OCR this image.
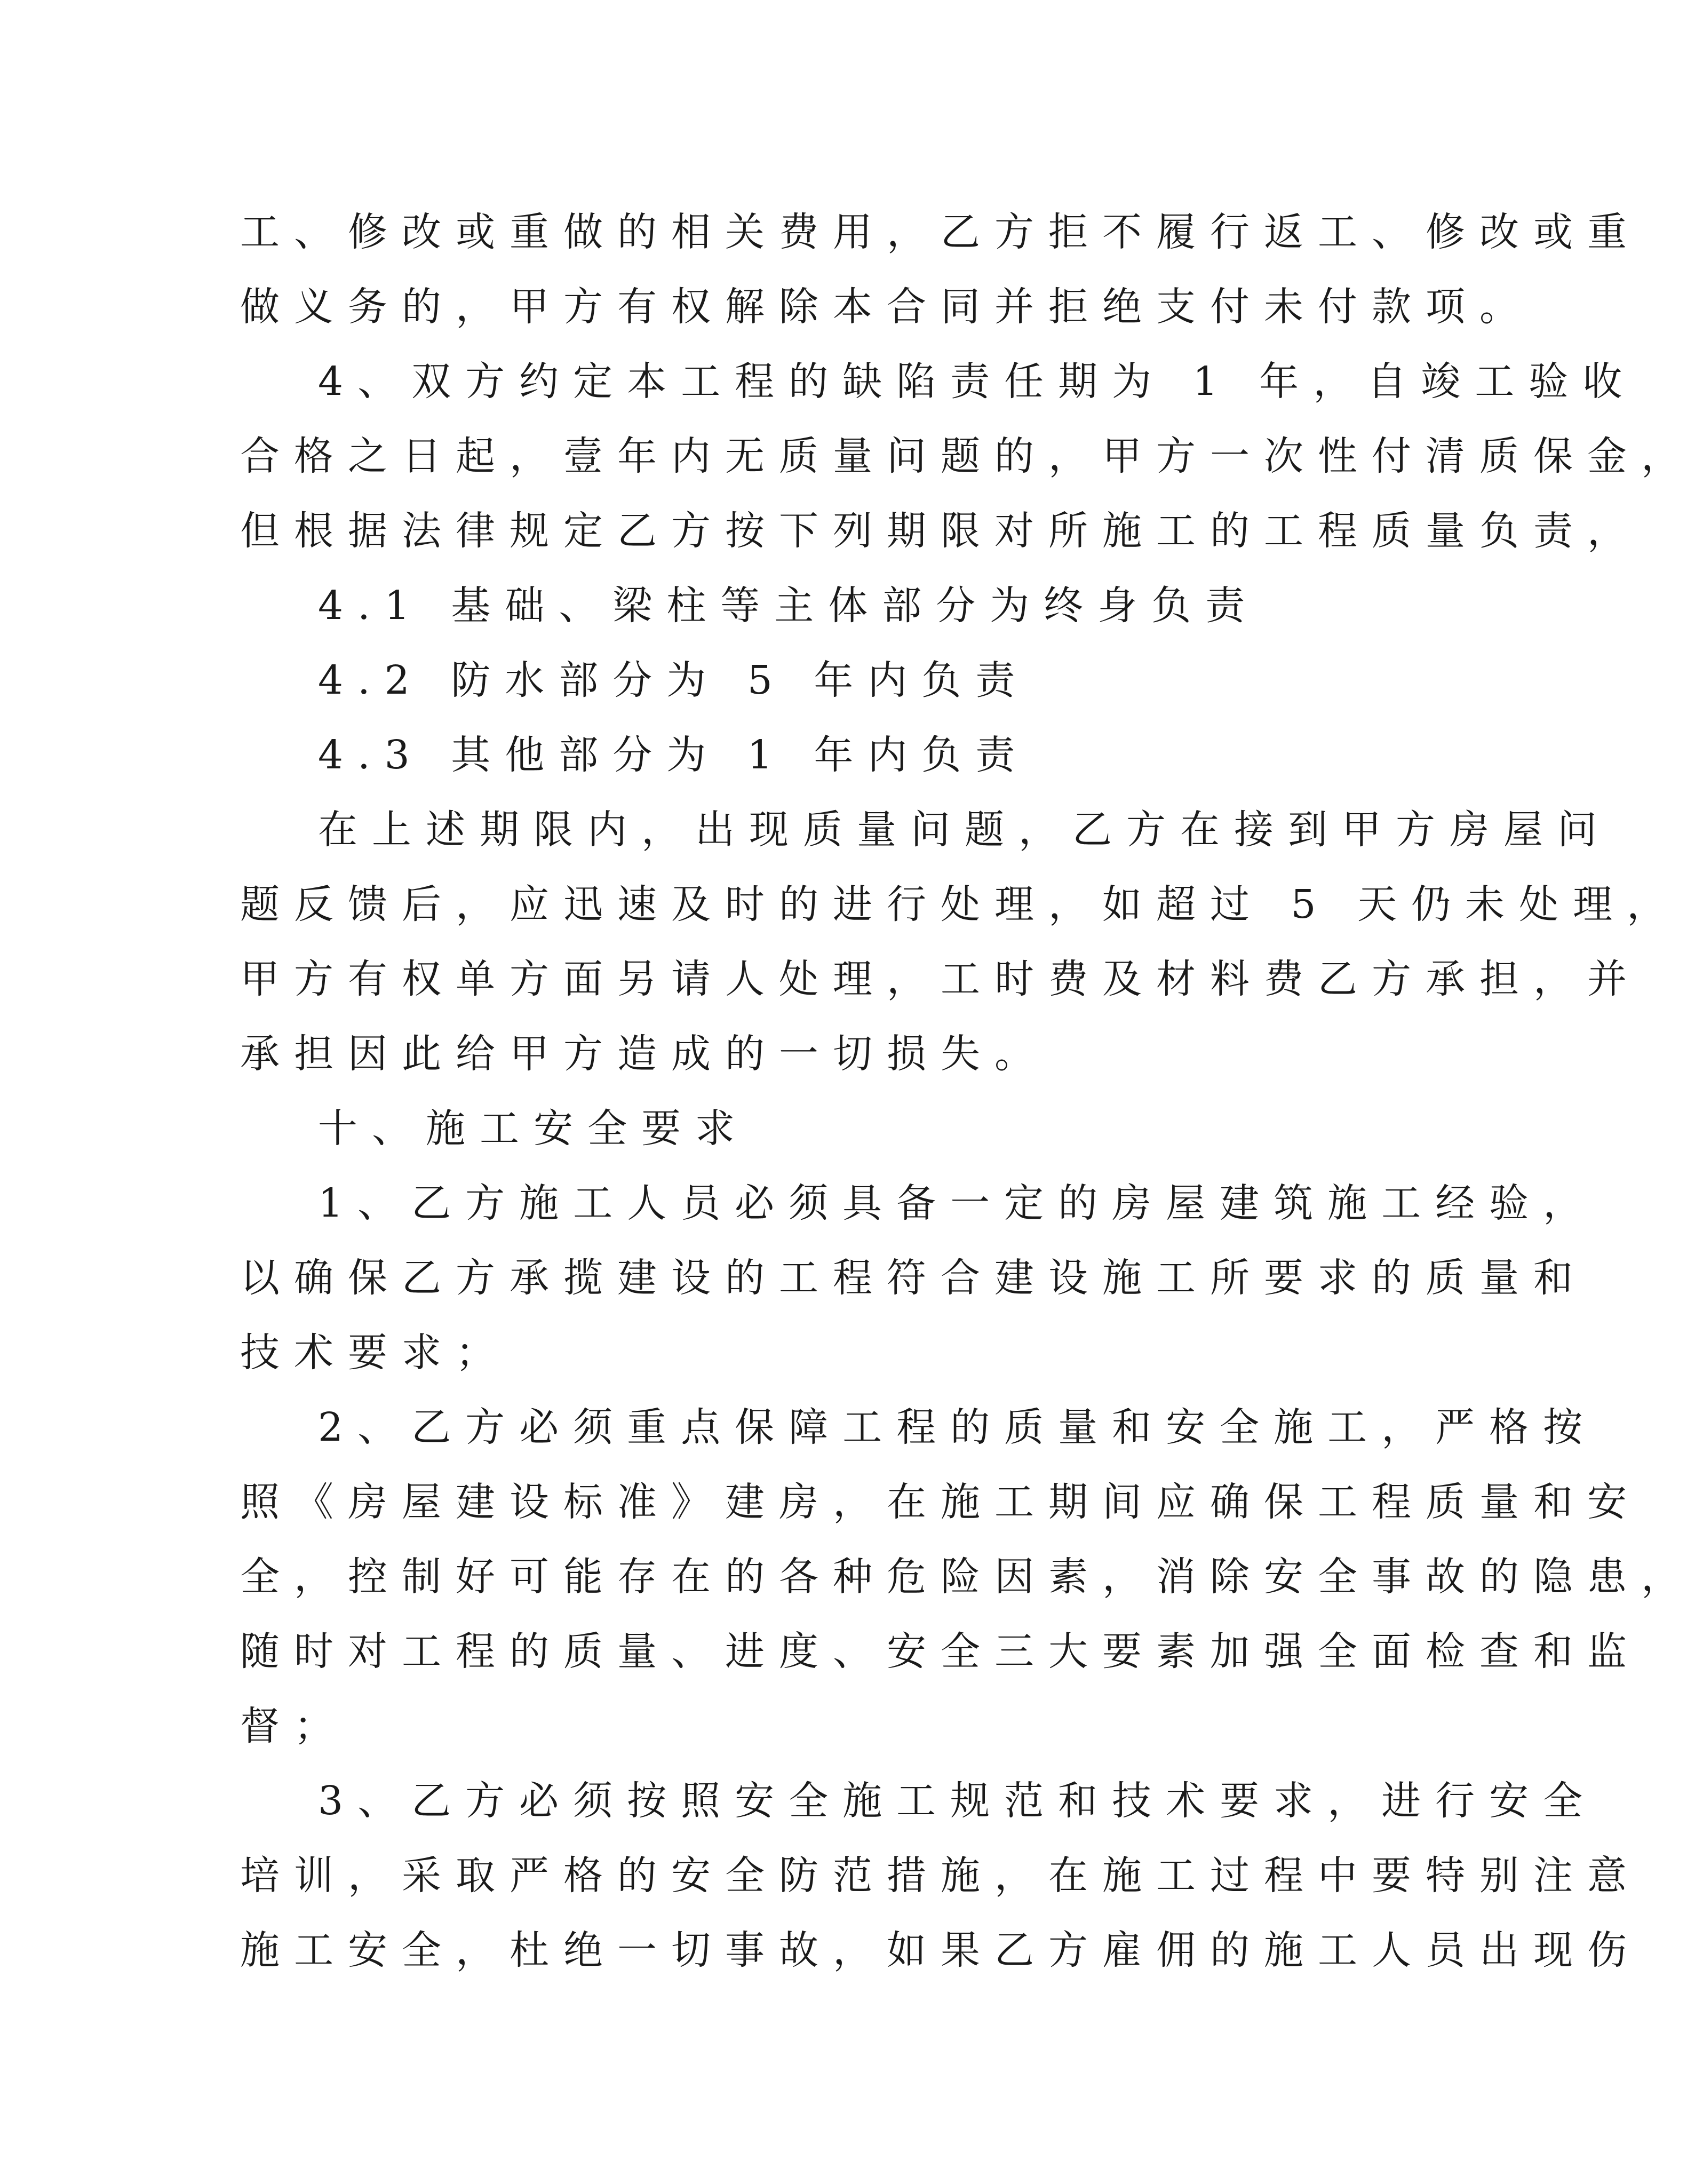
工、修改或重做的相关费用，乙方拒不履行返工、修改或重
做义务的，甲方有权解除本合同并拒绝支付未付款项。
4、双方约定本工程的缺陷责任期为 1 年，自竣工验收
合格之日起，壹年内无质量问题的，甲方一次性付清质保金，
但根据法律规定乙方按下列期限对所施工的工程质量负责，
4.1 基础、梁柱等主体部分为终身负责
4.2 防水部分为 5 年内负责
4.3 其他部分为 1 年内负责
在上述期限内，出现质量问题，乙方在接到甲方房屋问
题反馈后，应迅速及时的进行处理，如超过 5 天仍未处理，
甲方有权单方面另请人处理，工时费及材料费乙方承担，并
承担因此给甲方造成的一切损失。
十、施工安全要求
1、乙方施工人员必须具备一定的房屋建筑施工经验，
以确保乙方承揽建设的工程符合建设施工所要求的质量和
技术要求；
2、乙方必须重点保障工程的质量和安全施工，严格按
照《房屋建设标准》建房，在施工期间应确保工程质量和安
全，控制好可能存在的各种危险因素，消除安全事故的隐患，
随时对工程的质量、进度、安全三大要素加强全面检查和监
督；
3、乙方必须按照安全施工规范和技术要求，进行安全
培训，采取严格的安全防范措施，在施工过程中要特别注意
施工安全，杜绝一切事故，如果乙方雇佣的施工人员出现伤
